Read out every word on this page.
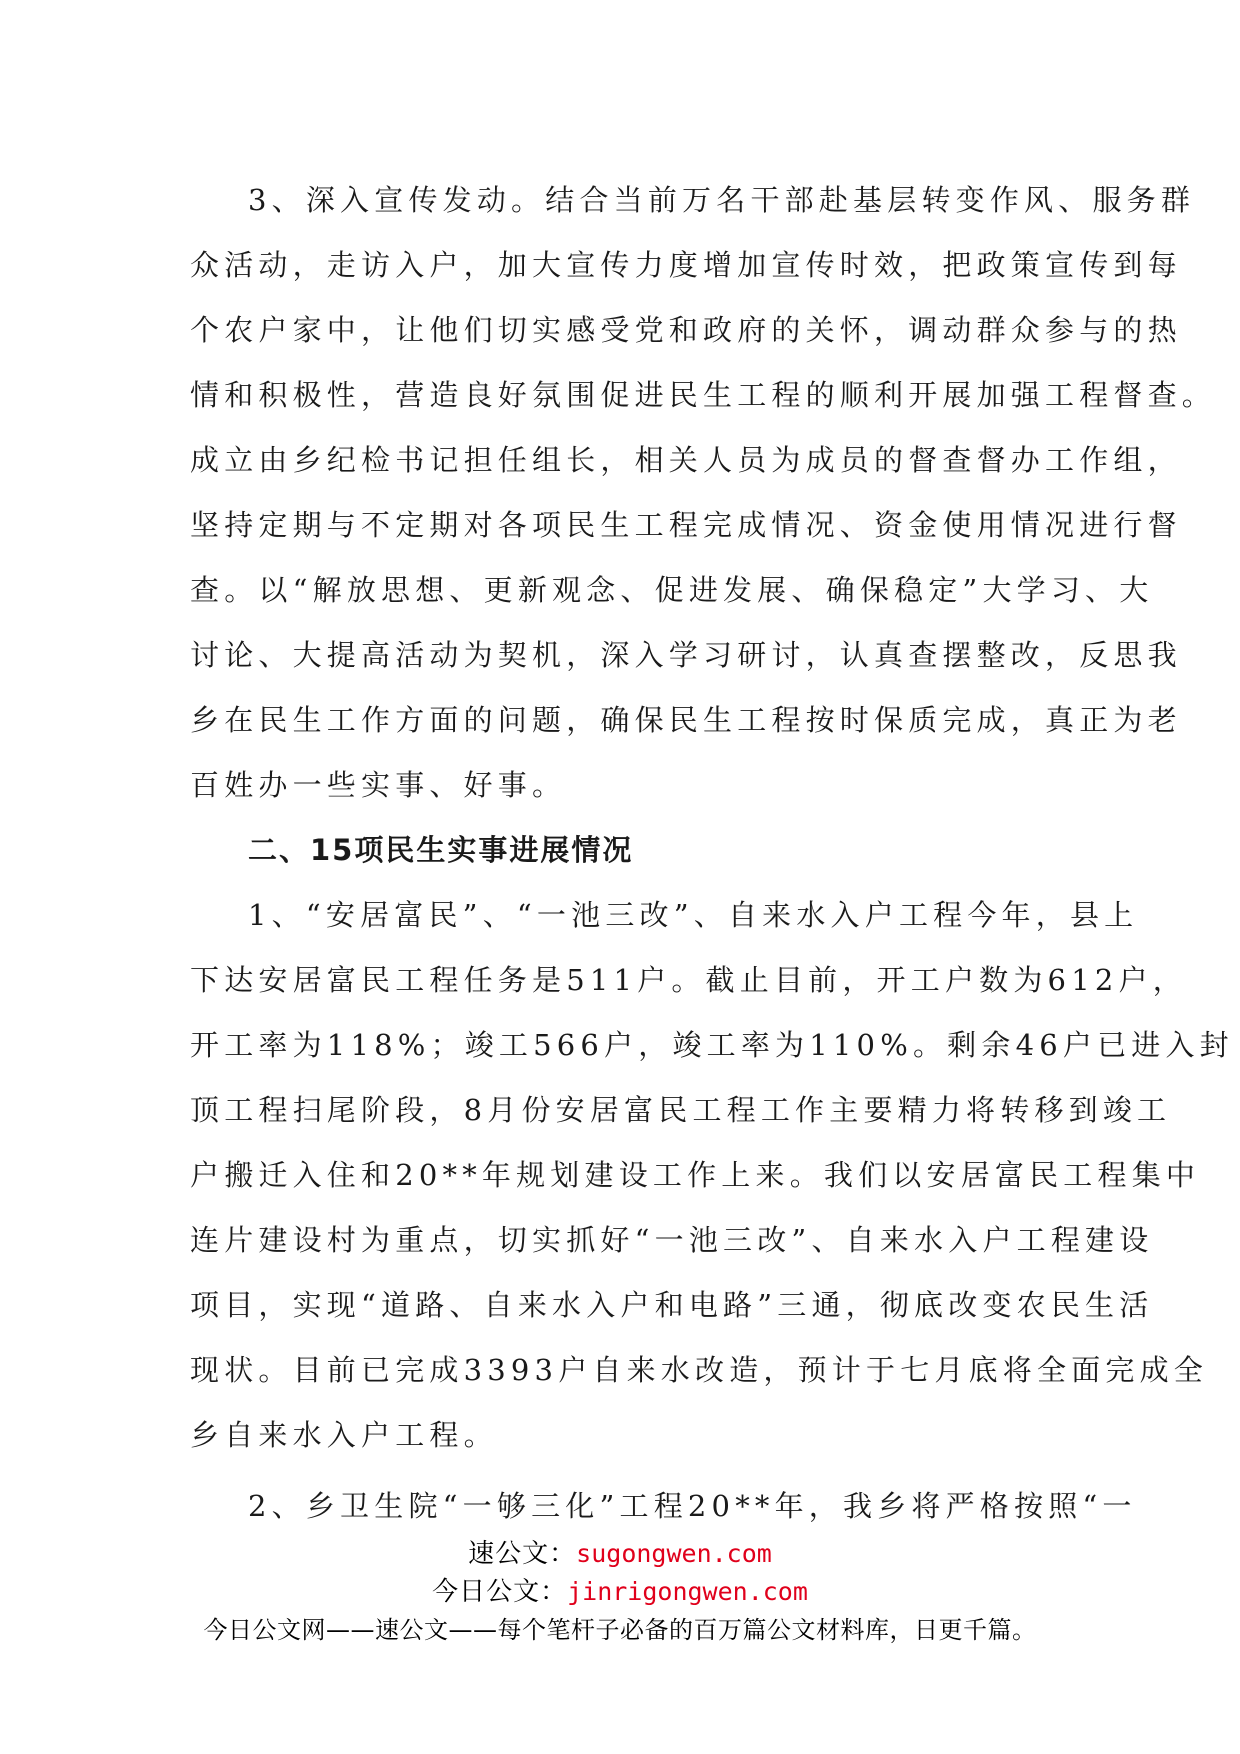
3、深入宣传发动。结合当前万名干部赴基层转变作风、服务群
众活动，走访入户，加大宣传力度增加宣传时效，把政策宣传到每
个农户家中，让他们切实感受党和政府的关怀，调动群众参与的热
情和积极性，营造良好氛围促进民生工程的顺利开展加强工程督查。
成立由乡纪检书记担任组长，相关人员为成员的督查督办工作组，
坚持定期与不定期对各项民生工程完成情况、资金使用情况进行督
查。以“解放思想、更新观念、促进发展、确保稳定”大学习、大
讨论、大提高活动为契机，深入学习研讨，认真查摆整改，反思我
乡在民生工作方面的问题，确保民生工程按时保质完成，真正为老
百姓办一些实事、好事。
二、15项民生实事进展情况
1、“安居富民”、“一池三改”、自来水入户工程今年，县上
下达安居富民工程任务是511户。截止目前，开工户数为612户，
开工率为118%；竣工566户，竣工率为110%。剩余46户已进入封
顶工程扫尾阶段，8月份安居富民工程工作主要精力将转移到竣工
户搬迁入住和20**年规划建设工作上来。我们以安居富民工程集中
连片建设村为重点，切实抓好“一池三改”、自来水入户工程建设
项目，实现“道路、自来水入户和电路”三通，彻底改变农民生活
现状。目前已完成3393户自来水改造，预计于七月底将全面完成全
乡自来水入户工程。
2、乡卫生院“一够三化”工程20**年，我乡将严格按照“一
速公文：sugongwen.com
今日公文：jinrigongwen.com
今日公文网——速公文——每个笔杆子必备的百万篇公文材料库，日更千篇。
